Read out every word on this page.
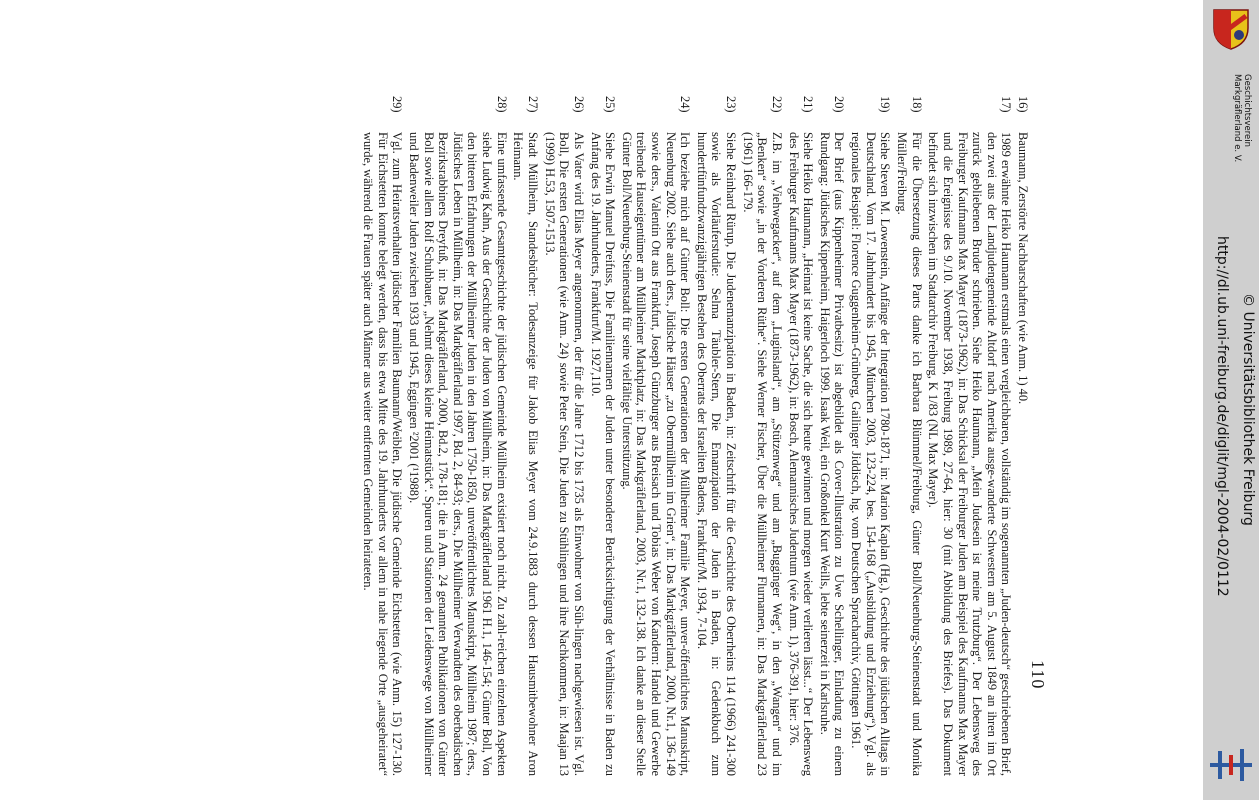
16)
Baumann, Zerstörte Nachbarschaften (wie Anm. 1) 40.
17)
1989 erwähnte Heiko Haumann erstmals einen vergleichbaren, vollständig im sogenannten „Juden-deutsch“ geschriebenen Brief, den zwei aus der Landjudengemeinde Altdorf nach Amerika ausge-wanderte Schwestern am 5. August 1849 an ihren im Ort zurück gebliebenen Bruder schrieben. Siehe Heiko Haumann, „Mein Judesein ist meine Trutzburg“. Der Lebensweg des Freiburger Kaufmanns Max Mayer (1873-1962), in: Das Schicksal der Freiburger Juden am Beispiel des Kaufmanns Max Mayer und die Ereignisse des 9./10. November 1938, Freiburg 1989, 27-64, hier: 30 (mit Abbildung des Briefes). Das Dokument befindet sich inzwischen im Stadtarchiv Freiburg, K 1/83 (NL Max Mayer).
18)
Für die Übersetzung dieses Parts danke ich Barbara Blümmel/Freiburg, Günter Boll/Neuenburg-Steinenstadt und Monika Müller/Freiburg.
19)
Siehe Steven M. Lowenstein, Anfänge der Integration 1780-1871, in: Marion Kaplan (Hg.), Geschichte des jüdischen Alltags in Deutschland. Vom 17. Jahrhundert bis 1945, München 2003, 123-224, bes. 154-168 („Ausbildung und Erziehung“). Vgl. als regionales Beispiel: Florence Guggenheim-Grünberg, Gailinger Jiddisch, hg. vom Deutschen Spracharchiv, Göttingen 1961.
20)
Der Brief (aus Kippenheimer Privatbesitz) ist abgebildet als Cover-Illustration zu Uwe Schellinger, Einladung zu einem Rundgang: Jüdisches Kippenheim, Haigerloch 1999. Isaak Weil, ein Großonkel Kurt Weills, lebte seinerzeit in Karlsruhe.
21)
Siehe Heiko Haumann, „Heimat ist keine Sache, die sich heute gewinnen und morgen wieder verlieren lässt...“ Der Lebensweg des Freiburger Kaufmanns Max Mayer (1873-1962), in: Bosch, Alemannisches Judentum (wie Anm. 1), 376-391, hier: 376.
22)
Z.B. im „Viehwegacker“, auf dem „Luginsland“, am „Stützenweg“ und am „Bugginger Weg“, in den „Wangen“ und im „Benken“ sowie „in der Vorderen Rüthe“. Siehe Werner Fischer, Über die Müllheimer Flurnamen, in: Das Markgräflerland 23 (1961) 166-179.
23)
Siehe Reinhard Rürup, Die Judenemanzipation in Baden, in: Zeitschrift für die Geschichte des Oberrheins 114 (1966) 241-300 sowie als Vorläuferstudie: Selma Täubler-Stern, Die Emanzipation der Juden in Baden, in: Gedenkbuch zum hundertfünfundzwanzigjährigen Bestehen des Oberrats der Israeliten Badens, Frankfurt/M. 1934, 7-104.
24)
Ich beziehe mich auf Günter Boll: Die ersten Generationen der Müllheimer Familie Meyer, unver-öffentlichtes Manuskript, Neuenburg 2002. Siehe auch ders., Jüdische Häuser „zu Obermüllheim im Grien“, in: Das Markgräflerland, 2000, Nr.1, 136-149 sowie ders., Valentin Ott aus Frankfurt, Joseph Günzburger aus Breisach und Tobias Weber von Kandern: Handel und Gewerbe treibende Hauseigentümer am Müllheimer Marktplatz, in: Das Markgräflerland, 2003, Nr.1, 132-138. Ich danke an dieser Stelle Günter Boll/Neuenburg-Steinenstadt für seine vielfältige Unterstützung.
25)
Siehe Erwin Manuel Dreifuss, Die Familiennamen der Juden unter besonderer Berücksichtigung der Verhältnisse in Baden zu Anfang des 19. Jahrhunderts, Frankfurt/M. 1927,110.
26)
Als Vater wird Elias Meyer angenommen, der für die Jahre 1712 bis 1735 als Einwohner von Süh-lingen nachgewiesen ist. Vgl. Boll, Die ersten Generationen (wie Anm. 24) sowie Peter Stein, Die Juden zu Stühlingen und ihre Nachkommen, in: Maajan 13 (1999) H.53, 1507-1513.
27)
Stadt Müllheim, Standesbücher: Todesanzeige für Jakob Elias Meyer vom 24.9.1883 durch dessen Hausmitbewohner Aron Heimann.
28)
Eine umfassende Gesamtgeschichte der jüdischen Gemeinde Müllheim existiert noch nicht. Zu zahl-reichen einzelnen Aspekten siehe Ludwig Kahn, Aus der Geschichte der Juden von Müllheim, in: Das Markgräflerland 1961 H.1, 146-154; Günter Boll, Von den bitteren Erfahrungen der Müllheimer Juden in den Jahren 1750-1850, unveröffentlichtes Manuskript, Müllheim 1987; ders., Jüdisches Leben in Müllheim, in: Das Markgräflerland 1997, Bd. 2, 84-93; ders., Die Müllheimer Verwandten des oberbadischen Bezirksrabbiners Dreyfuß, in: Das Markgräflerland, 2000, Bd.2, 178-181; die in Anm. 24 genannten Publikationen von Günter Boll sowie allem Rolf Schuhbauer, „Nehmt dieses kleine Heimatstück“. Spuren und Stationen der Leidenswege von Müllheimer und Badenweiler Juden zwischen 1933 und 1945, Eggingen ²2001 (¹1988).
29)
Vgl. zum Heiratsverhalten jüdischer Familien Baumann/Weiblen, Die jüdische Gemeinde Eichstetten (wie Anm. 15) 127-130. Für Eichstetten konnte belegt werden, dass bis etwa Mitte des 19. Jahrhunderts vor allem in nahe liegende Orte „ausgeheiratet“ wurde, während die Frauen später auch Männer aus weiter entfernten Gemeinden heirateten.
110
Geschichtsverein
Markgräflerland e. V.
http://dl.ub.uni-freiburg.de/diglit/mgl-2004-02/0112 © Universitätsbibliothek Freiburg
